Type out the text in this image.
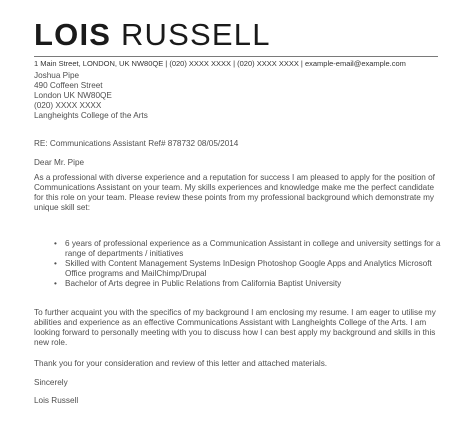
LOIS RUSSELL
1 Main Street, LONDON, UK NW80QE | (020) XXXX XXXX | (020) XXXX XXXX | example-email@example.com
Joshua Pipe
490 Coffeen Street
London UK NW80QE
(020) XXXX XXXX
Langheights College of the Arts
RE: Communications Assistant Ref# 878732 08/05/2014
Dear Mr. Pipe
As a professional with diverse experience and a reputation for success I am pleased to apply for the position of Communications Assistant on your team. My skills experiences and knowledge make me the perfect candidate for this role on your team. Please review these points from my professional background which demonstrate my unique skill set:
• 6 years of professional experience as a Communication Assistant in college and university settings for a range of departments / initiatives
• Skilled with Content Management Systems InDesign Photoshop Google Apps and Analytics Microsoft Office programs and MailChimp/Drupal
• Bachelor of Arts degree in Public Relations from California Baptist University
To further acquaint you with the specifics of my background I am enclosing my resume. I am eager to utilise my abilities and experience as an effective Communications Assistant with Langheights College of the Arts. I am looking forward to personally meeting with you to discuss how I can best apply my background and skills in this new role.
Thank you for your consideration and review of this letter and attached materials.
Sincerely
Lois Russell
